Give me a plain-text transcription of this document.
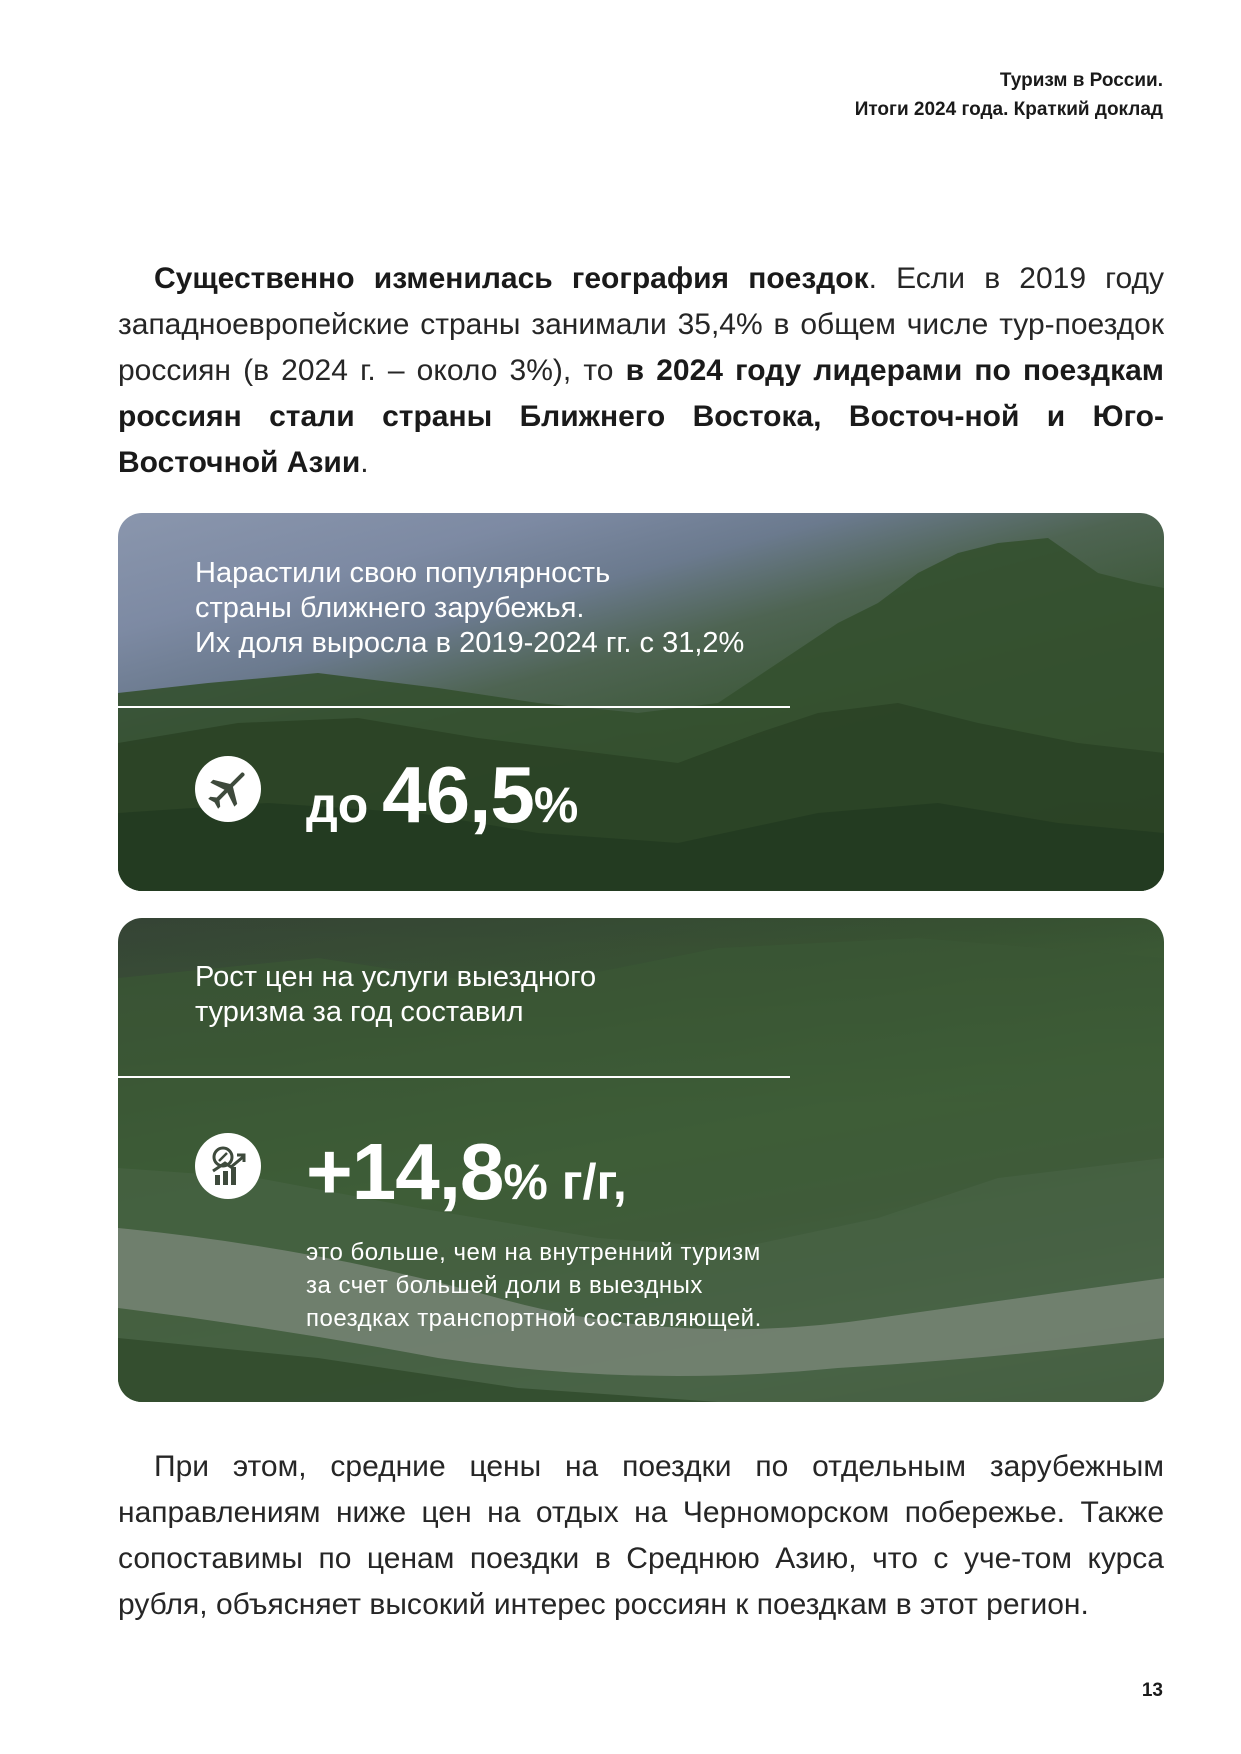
Туризм в России.
Итоги 2024 года. Краткий доклад

Существенно изменилась география поездок. Если в 2019 году западноевропейские страны занимали 35,4% в общем числе тур-поездок россиян (в 2024 г. – около 3%), то в 2024 году лидерами по поездкам россиян стали страны Ближнего Востока, Восточ-ной и Юго-Восточной Азии.

Нарастили свою популярность
страны ближнего зарубежья.
Их доля выросла в 2019-2024 гг. с 31,2%

до 46,5%

Рост цен на услуги выездного
туризма за год составил

+14,8% г/г,

это больше, чем на внутренний туризм
за счет большей доли в выездных
поездках транспортной составляющей.

При этом, средние цены на поездки по отдельным зарубежным направлениям ниже цен на отдых на Черноморском побережье. Также сопоставимы по ценам поездки в Среднюю Азию, что с уче-том курса рубля, объясняет высокий интерес россиян к поездкам в этот регион.

13
